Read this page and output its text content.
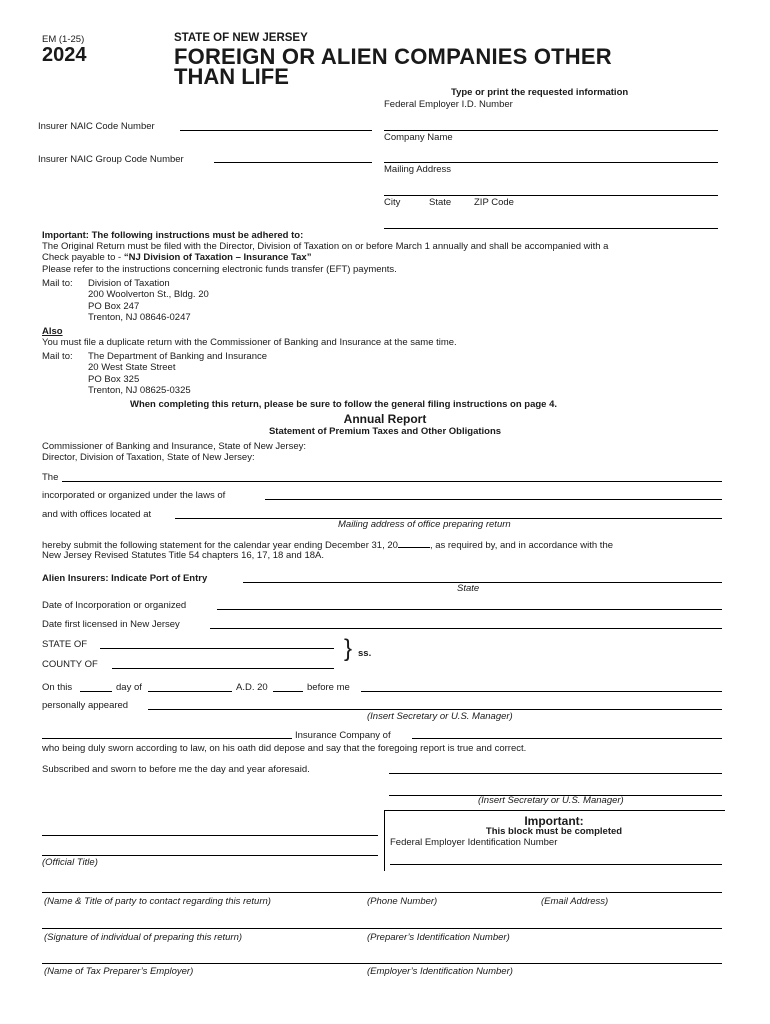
EM (1-25)
2024
STATE OF NEW JERSEY
FOREIGN OR ALIEN COMPANIES OTHER
THAN LIFE
Type or print the requested information
Federal Employer I.D. Number
Insurer NAIC Code Number
Company Name
Insurer NAIC Group Code Number
Mailing Address
City	State ZIP Code
Important: The following instructions must be adhered to:
The Original Return must be filed with the Director, Division of Taxation on or before March 1 annually and shall be accompanied with a
Check payable to - “NJ Division of Taxation – Insurance Tax”
Please refer to the instructions concerning electronic funds transfer (EFT) payments.
Mail to: Division of Taxation
200 Woolverton St., Bldg. 20
PO Box 247
Trenton, NJ 08646-0247
Also
You must file a duplicate return with the Commissioner of Banking and Insurance at the same time.
Mail to: The Department of Banking and Insurance
20 West State Street
PO Box 325
Trenton, NJ 08625-0325
When completing this return, please be sure to follow the general filing instructions on page 4.
Annual Report
Statement of Premium Taxes and Other Obligations
Commissioner of Banking and Insurance, State of New Jersey:
Director, Division of Taxation, State of New Jersey:
The
incorporated or organized under the laws of
and with offices located at
Mailing address of office preparing return
hereby submit the following statement for the calendar year ending December 31, 20	, as required by, and in accordance with the
New Jersey Revised Statutes Title 54 chapters 16, 17, 18 and 18A.
Alien Insurers: Indicate Port of Entry
State
Date of Incorporation or organized
Date first licensed in New Jersey
STATE OF	} ss.
COUNTY OF
On this	day of	A.D. 20	before me
personally appeared
(Insert Secretary or U.S. Manager)
Insurance Company of
who being duly sworn according to law, on his oath did depose and say that the foregoing report is true and correct.
Subscribed and sworn to before me the day and year aforesaid.
(Insert Secretary or U.S. Manager)
Important:
This block must be completed
Federal Employer Identification Number
(Official Title)
(Name & Title of party to contact regarding this return)	(Phone Number)	(Email Address)
(Signature of individual of preparing this return)	(Preparer’s Identification Number)
(Name of Tax Preparer’s Employer)	(Employer’s Identification Number)
